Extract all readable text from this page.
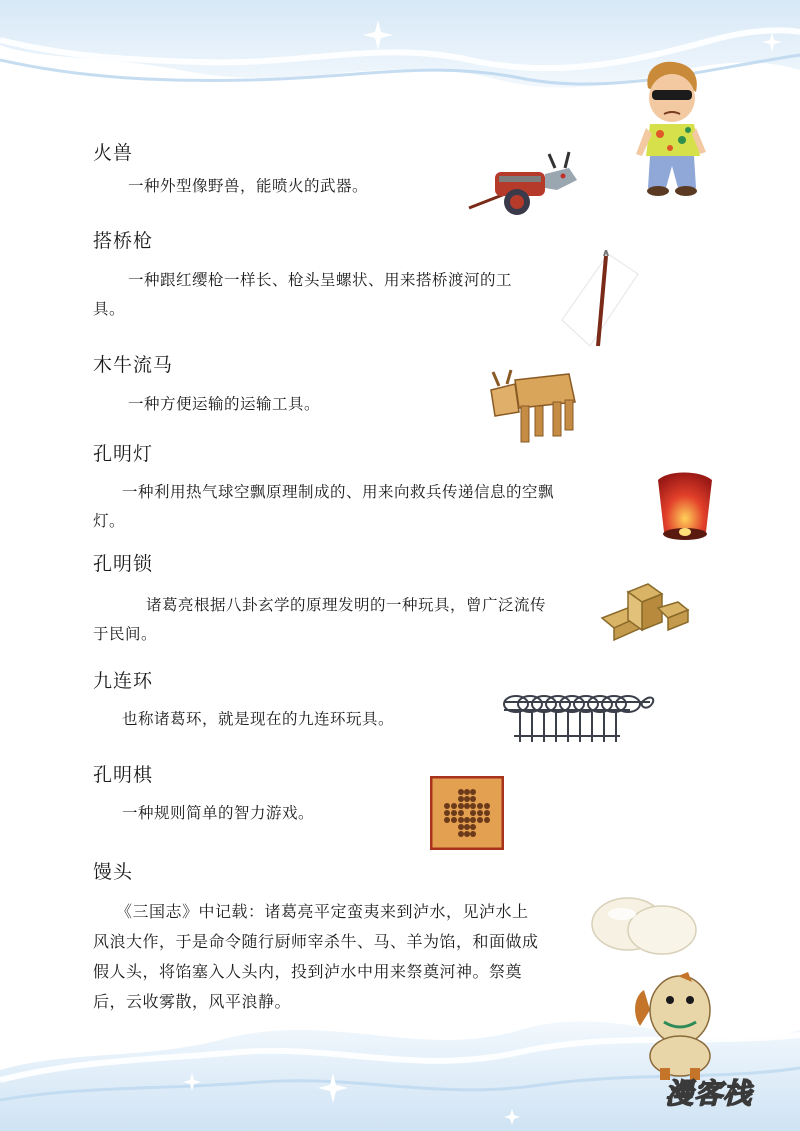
火兽
一种外型像野兽，能喷火的武器。
搭桥枪
一种跟红缨枪一样长、枪头呈螺状、用来搭桥渡河的工
具。
木牛流马
一种方便运输的运输工具。
孔明灯
一种利用热气球空飘原理制成的、用来向救兵传递信息的空飘
灯。
孔明锁
诸葛亮根据八卦玄学的原理发明的一种玩具，曾广泛流传
于民间。
九连环
也称诸葛环，就是现在的九连环玩具。
孔明棋
一种规则简单的智力游戏。
馒头
《三国志》中记载：诸葛亮平定蛮夷来到泸水，见泸水上
风浪大作，于是命令随行厨师宰杀牛、马、羊为馅，和面做成
假人头，将馅塞入人头内，投到泸水中用来祭奠河神。祭奠
后，云收雾散，风平浪静。
漫客栈
